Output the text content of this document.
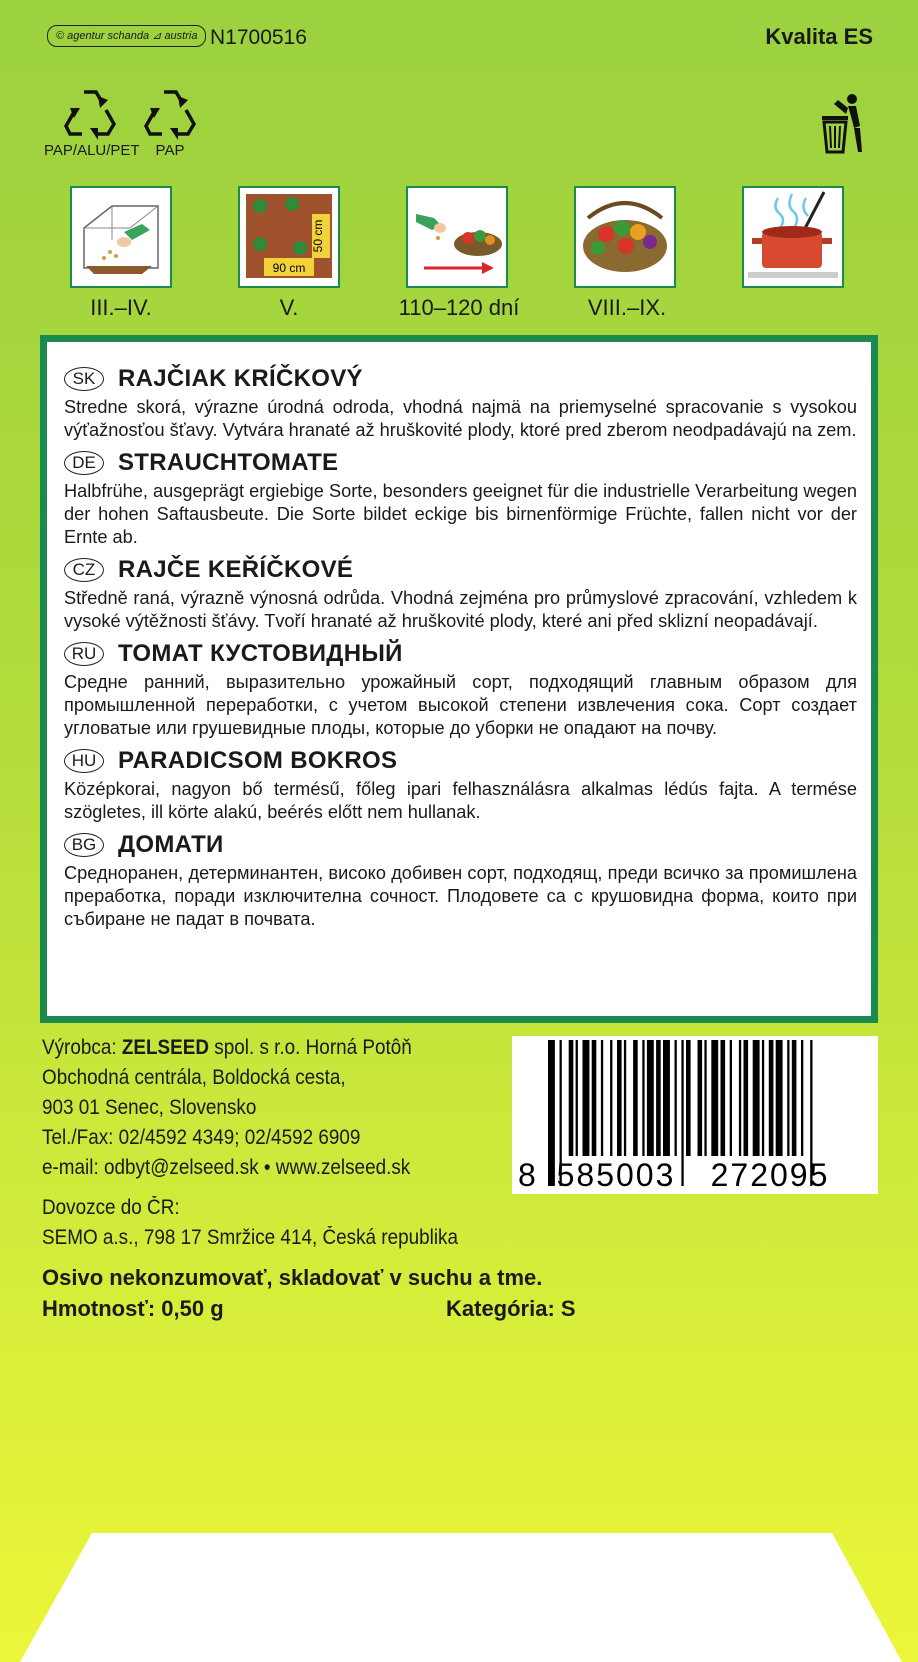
© agentur schanda ⊿ austria N1700516	Kvalita ES
PAP/ALU/PET	PAP
90 cm
50 cm
III.–IV.	V.	110–120 dní	VIII.–IX.
SK RAJČIAK KRÍČKOVÝ
Stredne skorá, výrazne úrodná odroda, vhodná najmä na priemyselné spracovanie s vysokou výťažnosťou šťavy. Vytvára hranaté až hruškovité plody, ktoré pred zberom neodpadávajú na zem.
DE STRAUCHTOMATE
Halbfrühe, ausgeprägt ergiebige Sorte, besonders geeignet für die industrielle Verarbeitung wegen der hohen Saftausbeute. Die Sorte bildet eckige bis birnenförmige Früchte, fallen nicht vor der Ernte ab.
CZ RAJČE KEŘÍČKOVÉ
Středně raná, výrazně výnosná odrůda. Vhodná zejména pro průmyslové zpracování, vzhledem k vysoké výtěžnosti šťávy. Tvoří hranaté až hruškovité plody, které ani před sklizní neopadávají.
RU ТОМАТ КУСТОВИДНЫЙ
Средне ранний, выразительно урожайный сорт, подходящий главным образом для промышленной переработки, с учетом высокой степени извлечения сока. Сорт создает угловатые или грушевидные плоды, которые до уборки не опадают на почву.
HU PARADICSOM BOKROS
Középkorai, nagyon bő termésű, főleg ipari felhasználásra alkalmas lédús fajta. A termése szögletes, ill körte alakú, beérés előtt nem hullanak.
BG ДОМАТИ
Средноранен, детерминантен, високо добивен сорт, подходящ, преди всичко за промишлена преработка, поради изключителна сочност. Плодовете са с крушовидна форма, които при събиране не падат в почвата.
Výrobca: ZELSEED spol. s r.o. Horná Potôň
Obchodná centrála, Boldocká cesta,
903 01 Senec, Slovensko
Tel./Fax: 02/4592 4349; 02/4592 6909
e-mail: odbyt@zelseed.sk • www.zelseed.sk
Dovozce do ČR:
SEMO a.s., 798 17 Smržice 414, Česká republika
8 585003 272095
Osivo nekonzumovať, skladovať v suchu a tme.
Hmotnosť: 0,50 g	Kategória: S
